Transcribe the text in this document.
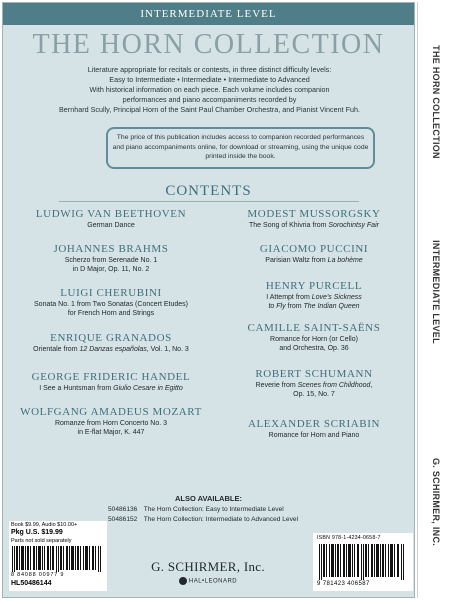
INTERMEDIATE LEVEL
THE HORN COLLECTION
Literature appropriate for recitals or contests, in three distinct difficulty levels:
Easy to Intermediate • Intermediate • Intermediate to Advanced
With historical information on each piece. Each volume includes companion
performances and piano accompaniments recorded by
Bernhard Scully, Principal Horn of the Saint Paul Chamber Orchestra, and Pianist Vincent Fuh.
The price of this publication includes access to companion recorded performances
and piano accompaniments online, for download or streaming, using the unique code
printed inside the book.
CONTENTS
LUDWIG VAN BEETHOVEN
German Dance
JOHANNES BRAHMS
Scherzo from Serenade No. 1
in D Major, Op. 11, No. 2
LUIGI CHERUBINI
Sonata No. 1 from Two Sonatas (Concert Etudes)
for French Horn and Strings
ENRIQUE GRANADOS
Orientale from 12 Danzas españolas, Vol. 1, No. 3
GEORGE FRIDERIC HANDEL
I See a Huntsman from Giulio Cesare in Egitto
WOLFGANG AMADEUS MOZART
Romanze from Horn Concerto No. 3
in E-flat Major, K. 447
MODEST MUSSORGSKY
The Song of Khivria from Sorochintsy Fair
GIACOMO PUCCINI
Parisian Waltz from La bohème
HENRY PURCELL
I Attempt from Love's Sickness
to Fly from The Indian Queen
CAMILLE SAINT-SAËNS
Romance for Horn (or Cello)
and Orchestra, Op. 36
ROBERT SCHUMANN
Reverie from Scenes from Childhood,
Op. 15, No. 7
ALEXANDER SCRIABIN
Romance for Horn and Piano
ALSO AVAILABLE:
50486136 The Horn Collection: Easy to Intermediate Level
50486152 The Horn Collection: Intermediate to Advanced Level
Book $9.99, Audio $10.00+
Pkg U.S. $19.99
Parts not sold separately
8 84088 00977 9
HL50486144
G. SCHIRMER, Inc.
HAL•LEONARD
ISBN 978-1-4234-0658-7
9 781423 406587
THE HORN COLLECTION
INTERMEDIATE LEVEL
G. SCHIRMER, INC.
